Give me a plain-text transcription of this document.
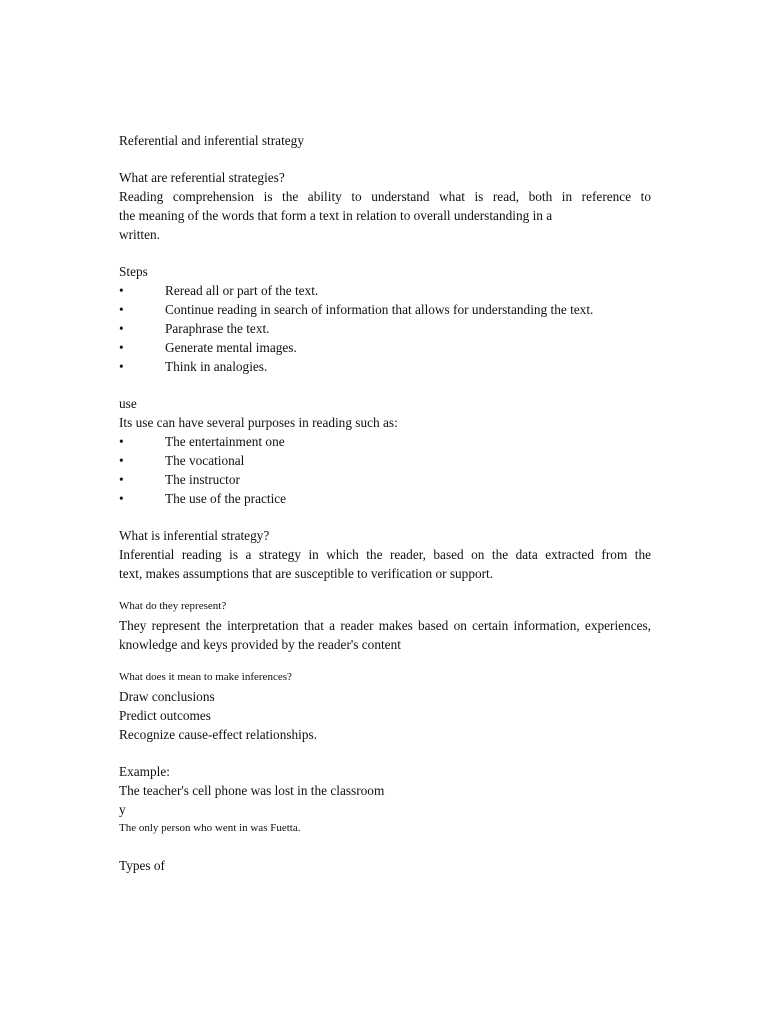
Referential and inferential strategy
What are referential strategies?
Reading comprehension is the ability to understand what is read, both in reference to
the meaning of the words that form a text in relation to overall understanding in a
written.
Steps
•	Reread all or part of the text.
•	Continue reading in search of information that allows for understanding the text.
•	Paraphrase the text.
•	Generate mental images.
•	Think in analogies.
use
Its use can have several purposes in reading such as:
•	The entertainment one
•	The vocational
•	The instructor
•	The use of the practice
What is inferential strategy?
Inferential reading is a strategy in which the reader, based on the data extracted from the
text, makes assumptions that are susceptible to verification or support.
What do they represent?
They represent the interpretation that a reader makes based on certain information, experiences,
knowledge and keys provided by the reader's content
What does it mean to make inferences?
Draw conclusions
Predict outcomes
Recognize cause-effect relationships.
Example:
The teacher's cell phone was lost in the classroom
y
The only person who went in was Fuetta.
Types of
